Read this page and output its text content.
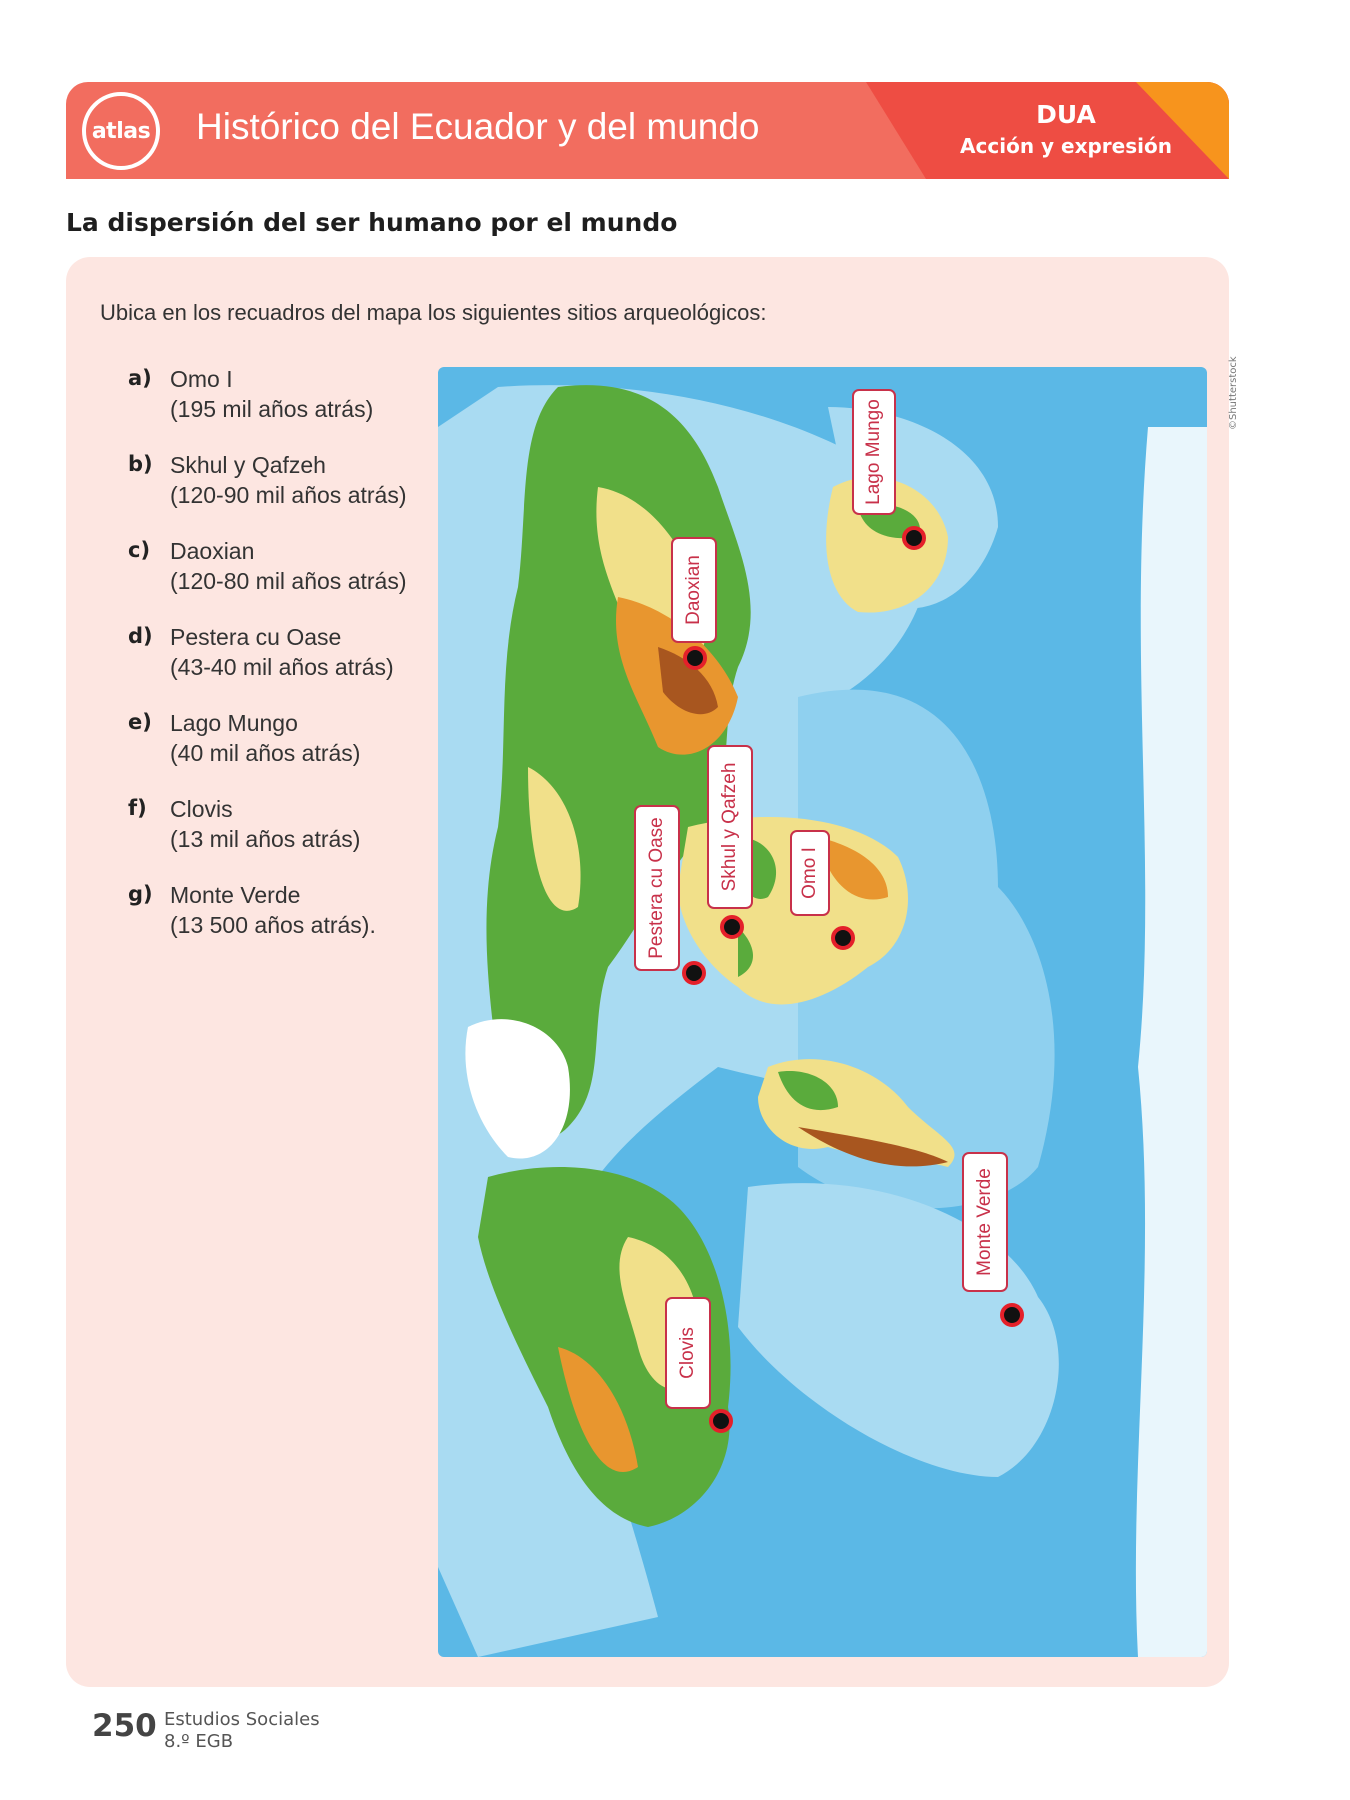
atlas Histórico del Ecuador y del mundo	DUA
Acción y expresión
La dispersión del ser humano por el mundo
Ubica en los recuadros del mapa los siguientes sitios arqueológicos:
a) Omo I
(195 mil años atrás)
b) Skhul y Qafzeh
(120-90 mil años atrás)
c) Daoxian
(120-80 mil años atrás)
d) Pestera cu Oase
(43-40 mil años atrás)
e) Lago Mungo
(40 mil años atrás)
f) Clovis
(13 mil años atrás)
g) Monte Verde
(13 500 años atrás).
Lago Mungo
Daoxian
Skhul y Qafzeh
Pestera cu Oase	Omo I
Monte Verde
Clovis
©Shutterstock
250 Estudios Sociales
8.º EGB
